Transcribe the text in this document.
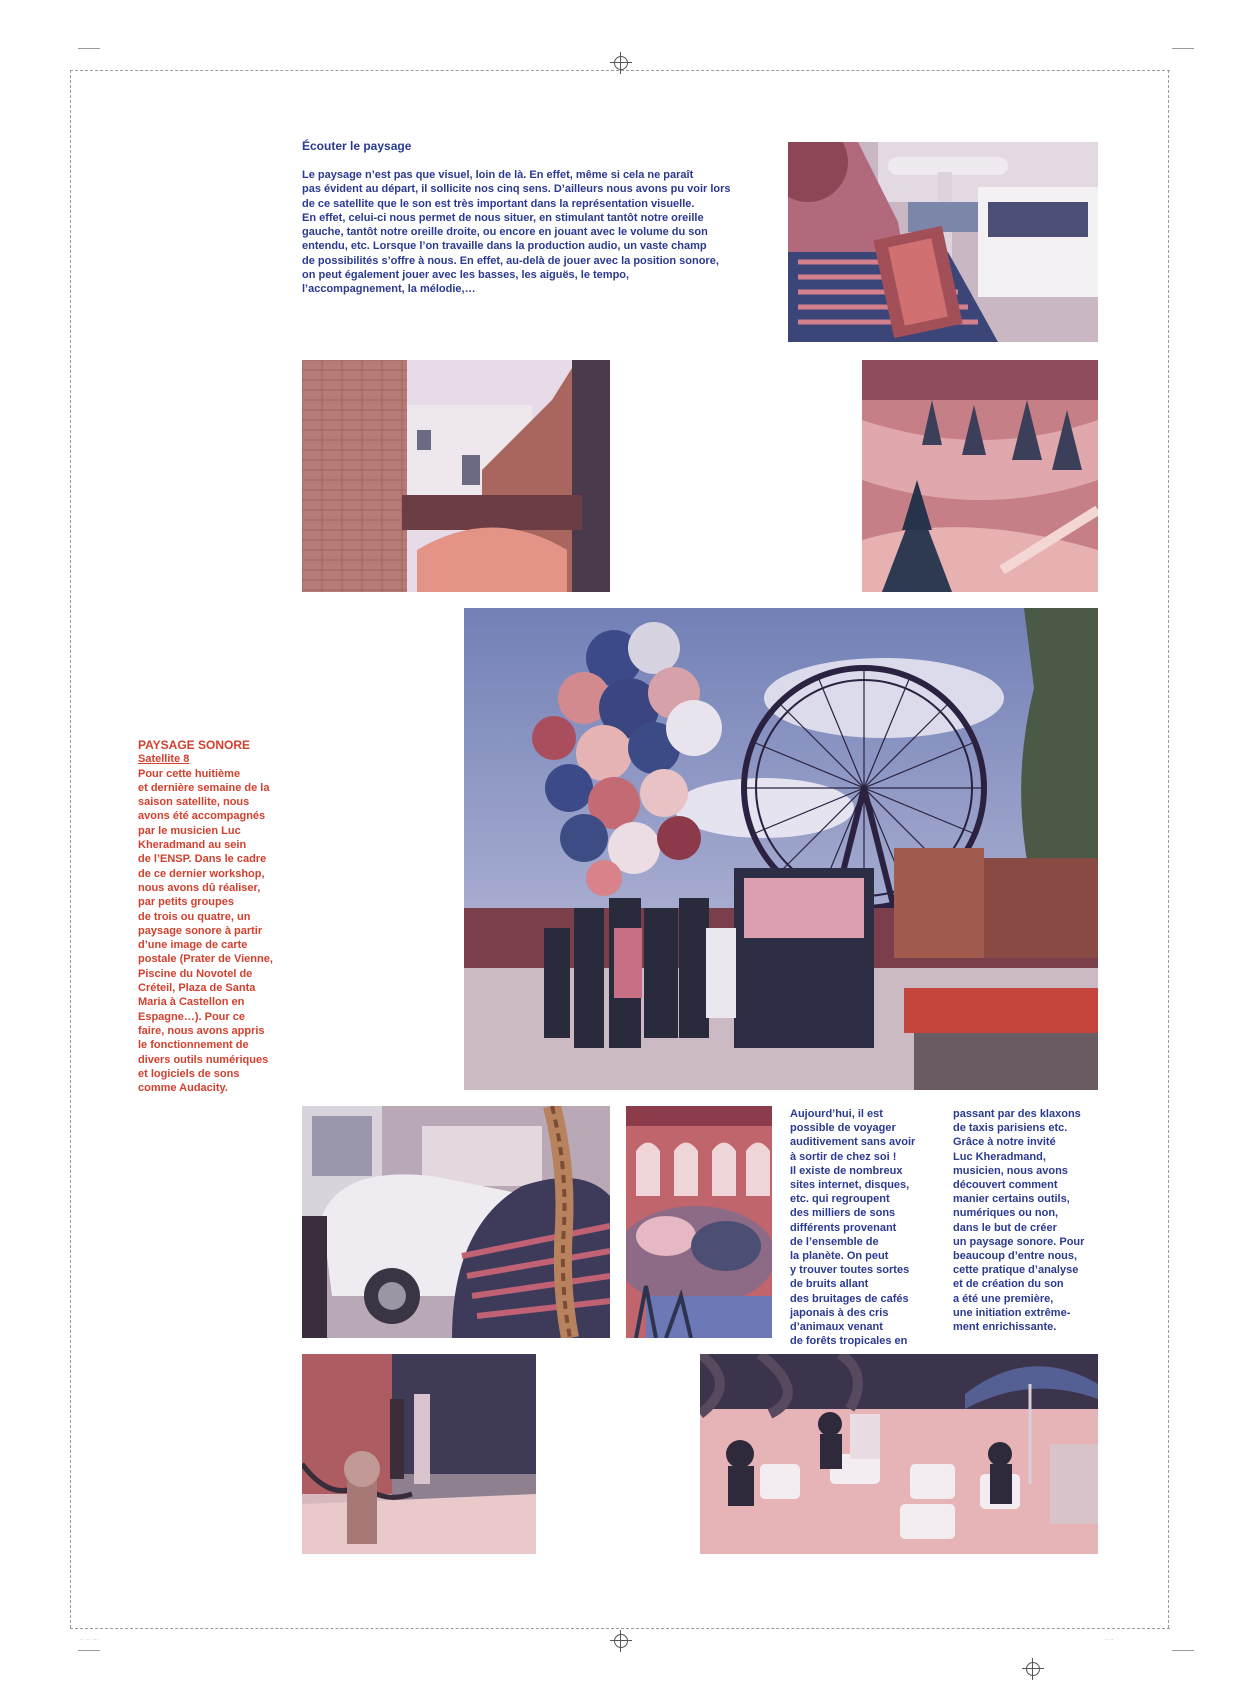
Écouter le paysage
Le paysage n’est pas que visuel, loin de là. En effet, même si cela ne paraît
pas évident au départ, il sollicite nos cinq sens. D’ailleurs nous avons pu voir lors
de ce satellite que le son est très important dans la représentation visuelle.
En effet, celui-ci nous permet de nous situer, en stimulant tantôt notre oreille
gauche, tantôt notre oreille droite, ou encore en jouant avec le volume du son
entendu, etc. Lorsque l’on travaille dans la production audio, un vaste champ
de possibilités s’offre à nous. En effet, au-delà de jouer avec la position sonore,
on peut également jouer avec les basses, les aiguës, le tempo,
l’accompagnement, la mélodie,…
PAYSAGE SONORE
Satellite 8
Pour cette huitième
et dernière semaine de la
saison satellite, nous
avons été accompagnés
par le musicien Luc
Kheradmand au sein
de l’ENSP. Dans le cadre
de ce dernier workshop,
nous avons dû réaliser,
par petits groupes
de trois ou quatre, un
paysage sonore à partir
d’une image de carte
postale (Prater de Vienne,
Piscine du Novotel de
Créteil, Plaza de Santa
Maria à Castellon en
Espagne…). Pour ce
faire, nous avons appris
le fonctionnement de
divers outils numériques
et logiciels de sons
comme Audacity.
Aujourd’hui, il est
possible de voyager
auditivement sans avoir
à sortir de chez soi !
Il existe de nombreux
sites internet, disques,
etc. qui regroupent
des milliers de sons
différents provenant
de l’ensemble de
la planète. On peut
y trouver toutes sortes
de bruits allant
des bruitages de cafés
japonais à des cris
d’animaux venant
de forêts tropicales en
passant par des klaxons
de taxis parisiens etc.
Grâce à notre invité
Luc Kheradmand,
musicien, nous avons
découvert comment
manier certains outils,
numériques ou non,
dans le but de créer
un paysage sonore. Pour
beaucoup d’entre nous,
cette pratique d’analyse
et de création du son
a été une première,
une initiation extrême-
ment enrichissante.
·· ·· ···	·· ··
